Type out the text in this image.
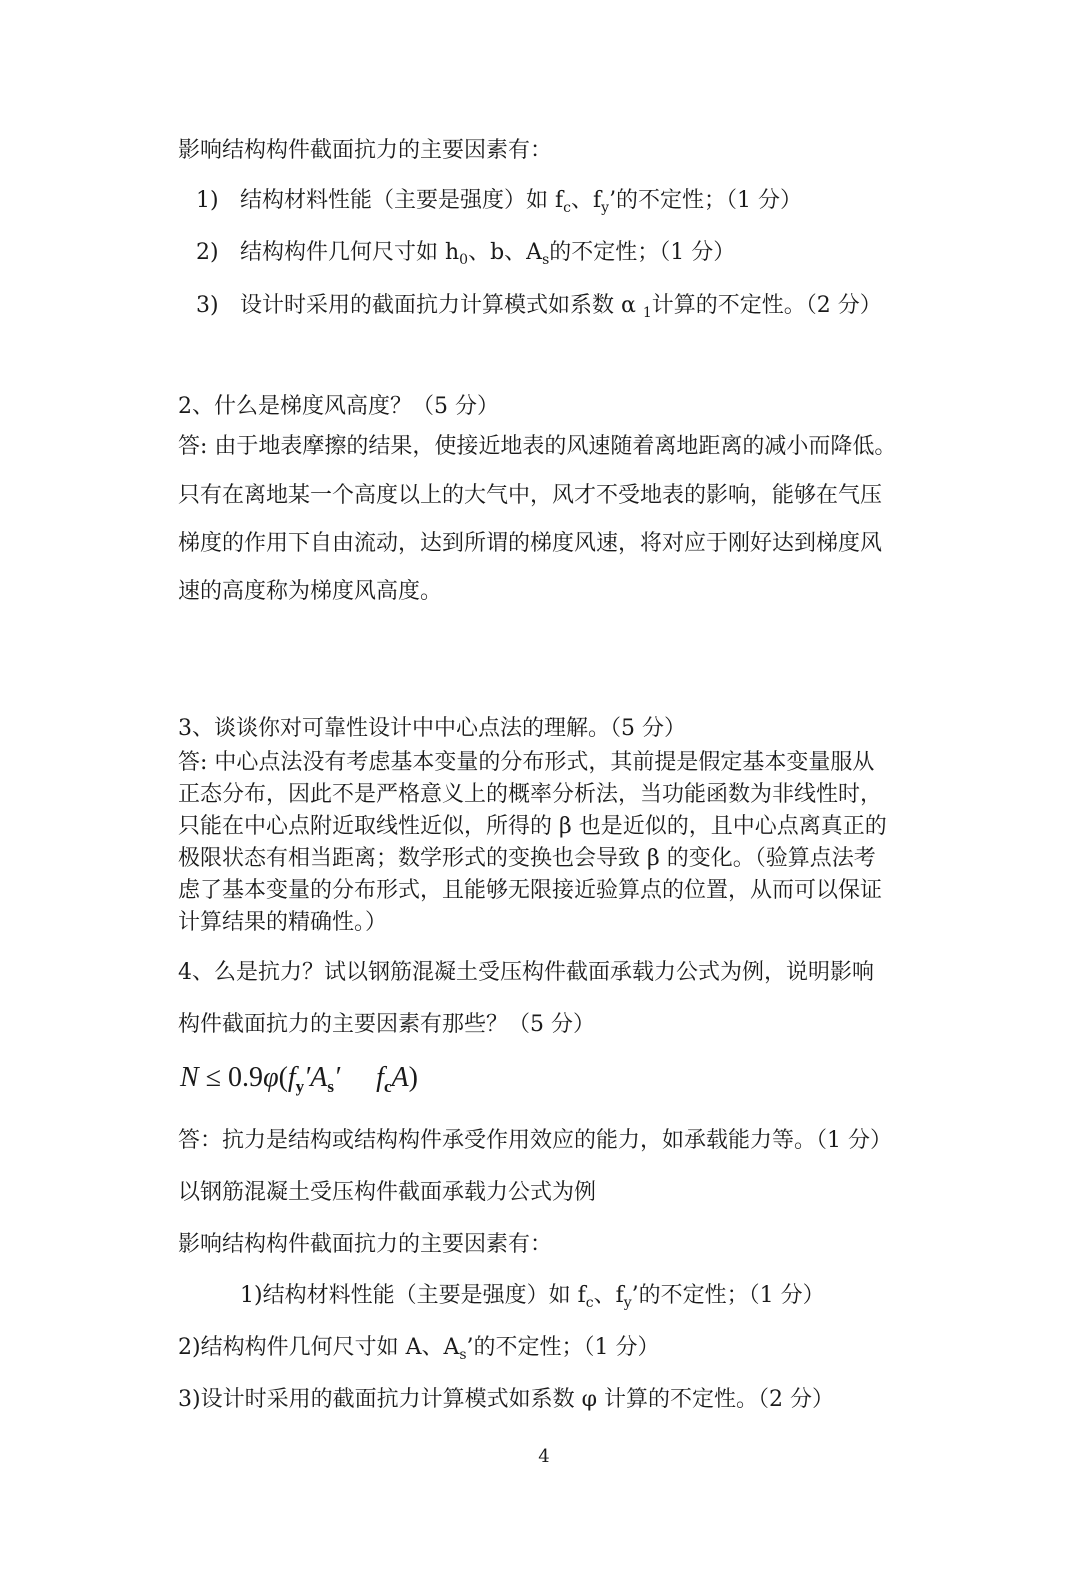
影响结构构件截面抗力的主要因素有：
1) 结构材料性能（主要是强度）如 $f_c$、$f_y$’的不定性；（1 分）
2) 结构构件几何尺寸如 $h_0$、b、$A_s$的不定性；（1 分）
3) 设计时采用的截面抗力计算模式如系数 α $_1$计算的不定性。（2 分）
2、什么是梯度风高度？（5 分）
答: 由于地表摩擦的结果，使接近地表的风速随着离地距离的减小而降低。
只有在离地某一个高度以上的大气中，风才不受地表的影响，能够在气压
梯度的作用下自由流动，达到所谓的梯度风速，将对应于刚好达到梯度风
速的高度称为梯度风高度。
3、谈谈你对可靠性设计中中心点法的理解。（5 分）
答: 中心点法没有考虑基本变量的分布形式，其前提是假定基本变量服从
正态分布，因此不是严格意义上的概率分析法，当功能函数为非线性时，
只能在中心点附近取线性近似，所得的 β 也是近似的，且中心点离真正的
极限状态有相当距离；数学形式的变换也会导致 β 的变化。（验算点法考
虑了基本变量的分布形式，且能够无限接近验算点的位置，从而可以保证
计算结果的精确性。）
4、么是抗力？试以钢筋混凝土受压构件截面承载力公式为例，说明影响
构件截面抗力的主要因素有那些？（5 分）
$N \le 0.9\varphi(f_y'A_s'$ $f_cA$)
答：抗力是结构或结构构件承受作用效应的能力，如承载能力等。（1 分）
以钢筋混凝土受压构件截面承载力公式为例
影响结构构件截面抗力的主要因素有：
1)结构材料性能（主要是强度）如 $f_c$、$f_y$’的不定性；（1 分）
2)结构构件几何尺寸如 A、$A_s$’的不定性；（1 分）
3)设计时采用的截面抗力计算模式如系数 φ 计算的不定性。（2 分）
4
